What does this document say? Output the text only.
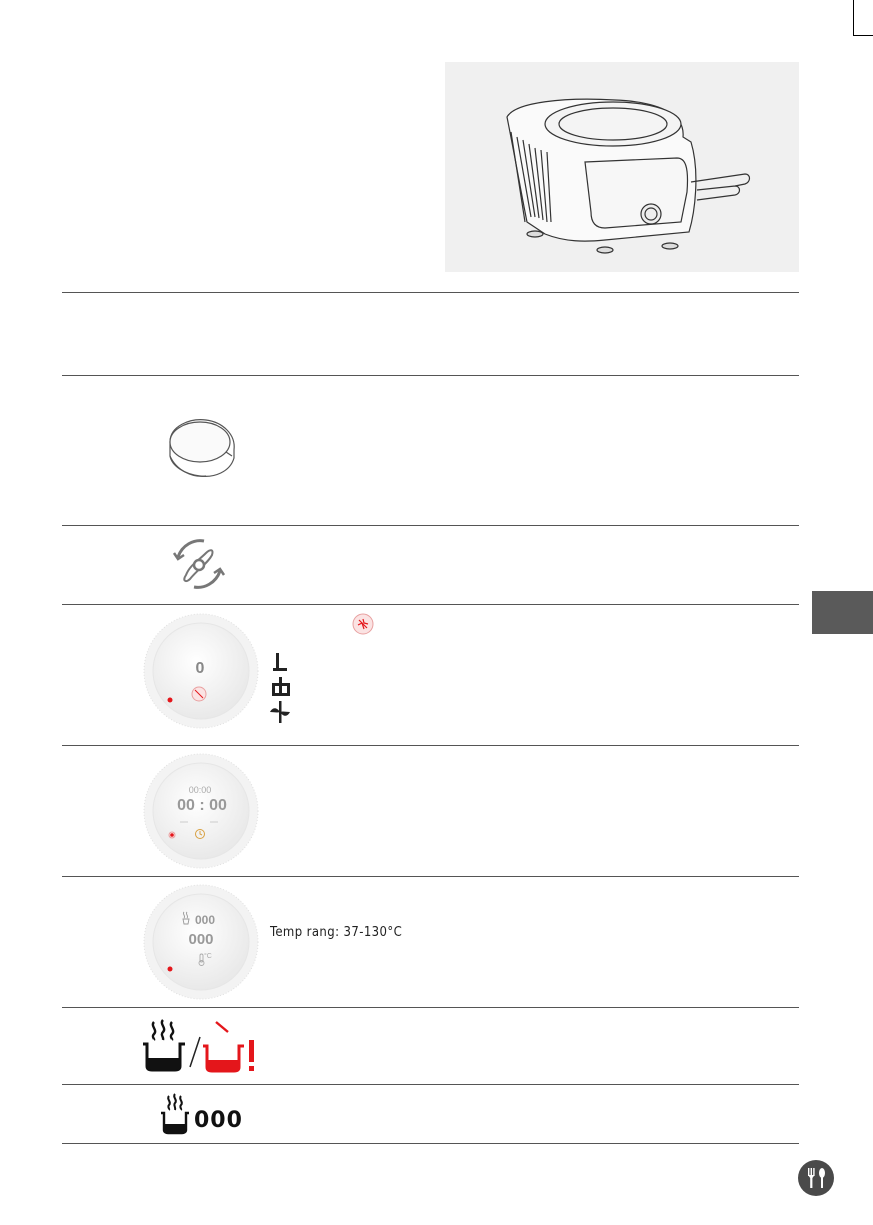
0
00:00
00 : 00
000
000
°C
Temp rang: 37-130°C
000
